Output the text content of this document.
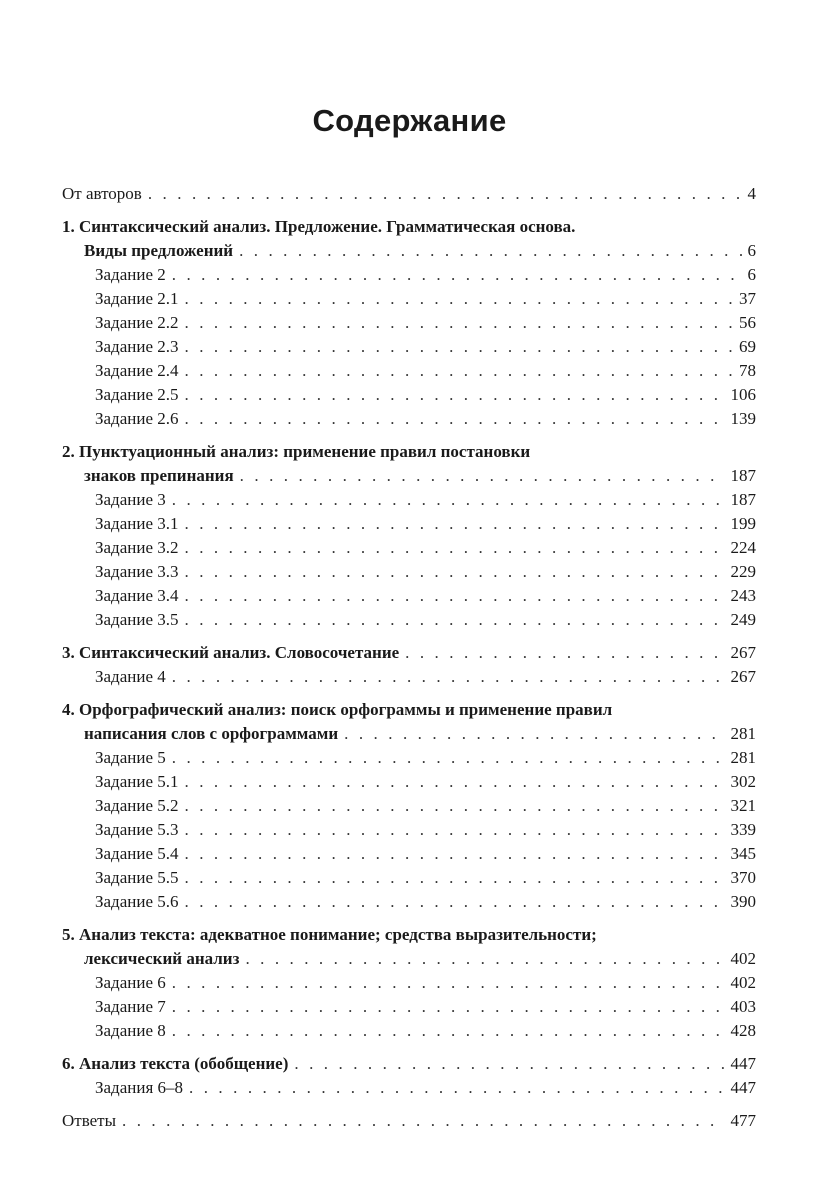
Содержание
От авторов . . .	4
1. Синтаксический анализ. Предложение. Грамматическая основа.
Виды предложений . . .	6
Задание 2 . . .	6
Задание 2.1 . . .	37
Задание 2.2 . . .	56
Задание 2.3 . . .	69
Задание 2.4 . . .	78
Задание 2.5 . . .	106
Задание 2.6 . . .	139
2. Пунктуационный анализ: применение правил постановки
знаков препинания . . .	187
Задание 3 . . .	187
Задание 3.1 . . .	199
Задание 3.2 . . .	224
Задание 3.3 . . .	229
Задание 3.4 . . .	243
Задание 3.5 . . .	249
3. Синтаксический анализ. Словосочетание . . .	267
Задание 4 . . .	267
4. Орфографический анализ: поиск орфограммы и применение правил
написания слов с орфограммами . . .	281
Задание 5 . . .	281
Задание 5.1 . . .	302
Задание 5.2 . . .	321
Задание 5.3 . . .	339
Задание 5.4 . . .	345
Задание 5.5 . . .	370
Задание 5.6 . . .	390
5. Анализ текста: адекватное понимание; средства выразительности;
лексический анализ . . .	402
Задание 6 . . .	402
Задание 7 . . .	403
Задание 8 . . .	428
6. Анализ текста (обобщение) . . .	447
Задания 6–8 . . .	447
Ответы . . .	477
